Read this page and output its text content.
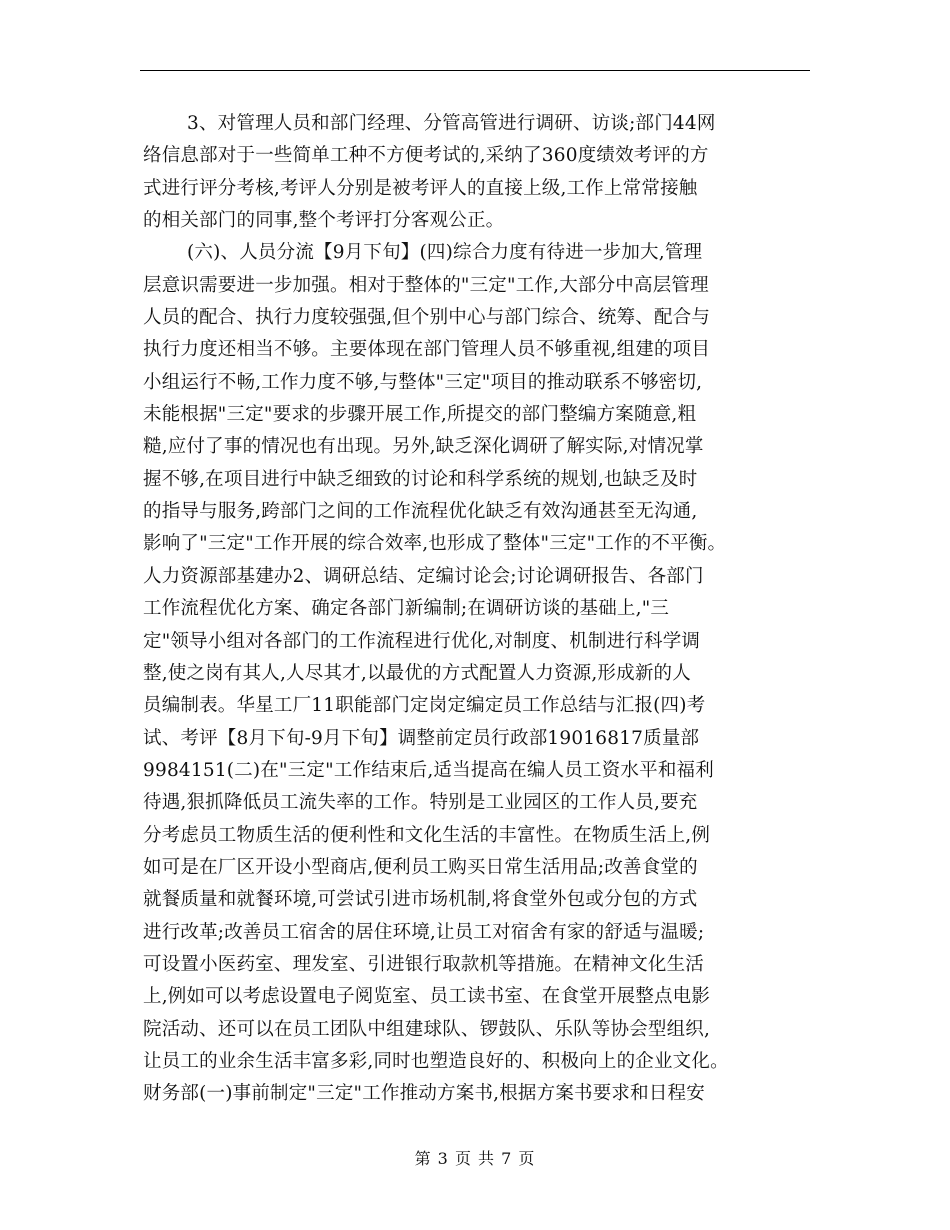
3、对管理人员和部门经理、分管高管进行调研、访谈;部门44网
络信息部对于一些简单工种不方便考试的,采纳了360度绩效考评的方
式进行评分考核,考评人分别是被考评人的直接上级,工作上常常接触
的相关部门的同事,整个考评打分客观公正。
(六)、人员分流【9月下旬】(四)综合力度有待进一步加大,管理
层意识需要进一步加强。相对于整体的"三定"工作,大部分中高层管理
人员的配合、执行力度较强强,但个别中心与部门综合、统筹、配合与
执行力度还相当不够。主要体现在部门管理人员不够重视,组建的项目
小组运行不畅,工作力度不够,与整体"三定"项目的推动联系不够密切,
未能根据"三定"要求的步骤开展工作,所提交的部门整编方案随意,粗
糙,应付了事的情况也有出现。另外,缺乏深化调研了解实际,对情况掌
握不够,在项目进行中缺乏细致的讨论和科学系统的规划,也缺乏及时
的指导与服务,跨部门之间的工作流程优化缺乏有效沟通甚至无沟通,
影响了"三定"工作开展的综合效率,也形成了整体"三定"工作的不平衡。
人力资源部基建办2、调研总结、定编讨论会;讨论调研报告、各部门
工作流程优化方案、确定各部门新编制;在调研访谈的基础上,"三
定"领导小组对各部门的工作流程进行优化,对制度、机制进行科学调
整,使之岗有其人,人尽其才,以最优的方式配置人力资源,形成新的人
员编制表。华星工厂11职能部门定岗定编定员工作总结与汇报(四)考
试、考评【8月下旬-9月下旬】调整前定员行政部19016817质量部
9984151(二)在"三定"工作结束后,适当提高在编人员工资水平和福利
待遇,狠抓降低员工流失率的工作。特别是工业园区的工作人员,要充
分考虑员工物质生活的便利性和文化生活的丰富性。在物质生活上,例
如可是在厂区开设小型商店,便利员工购买日常生活用品;改善食堂的
就餐质量和就餐环境,可尝试引进市场机制,将食堂外包或分包的方式
进行改革;改善员工宿舍的居住环境,让员工对宿舍有家的舒适与温暖;
可设置小医药室、理发室、引进银行取款机等措施。在精神文化生活
上,例如可以考虑设置电子阅览室、员工读书室、在食堂开展整点电影
院活动、还可以在员工团队中组建球队、锣鼓队、乐队等协会型组织,
让员工的业余生活丰富多彩,同时也塑造良好的、积极向上的企业文化。
财务部(一)事前制定"三定"工作推动方案书,根据方案书要求和日程安
第 3 页 共 7 页
